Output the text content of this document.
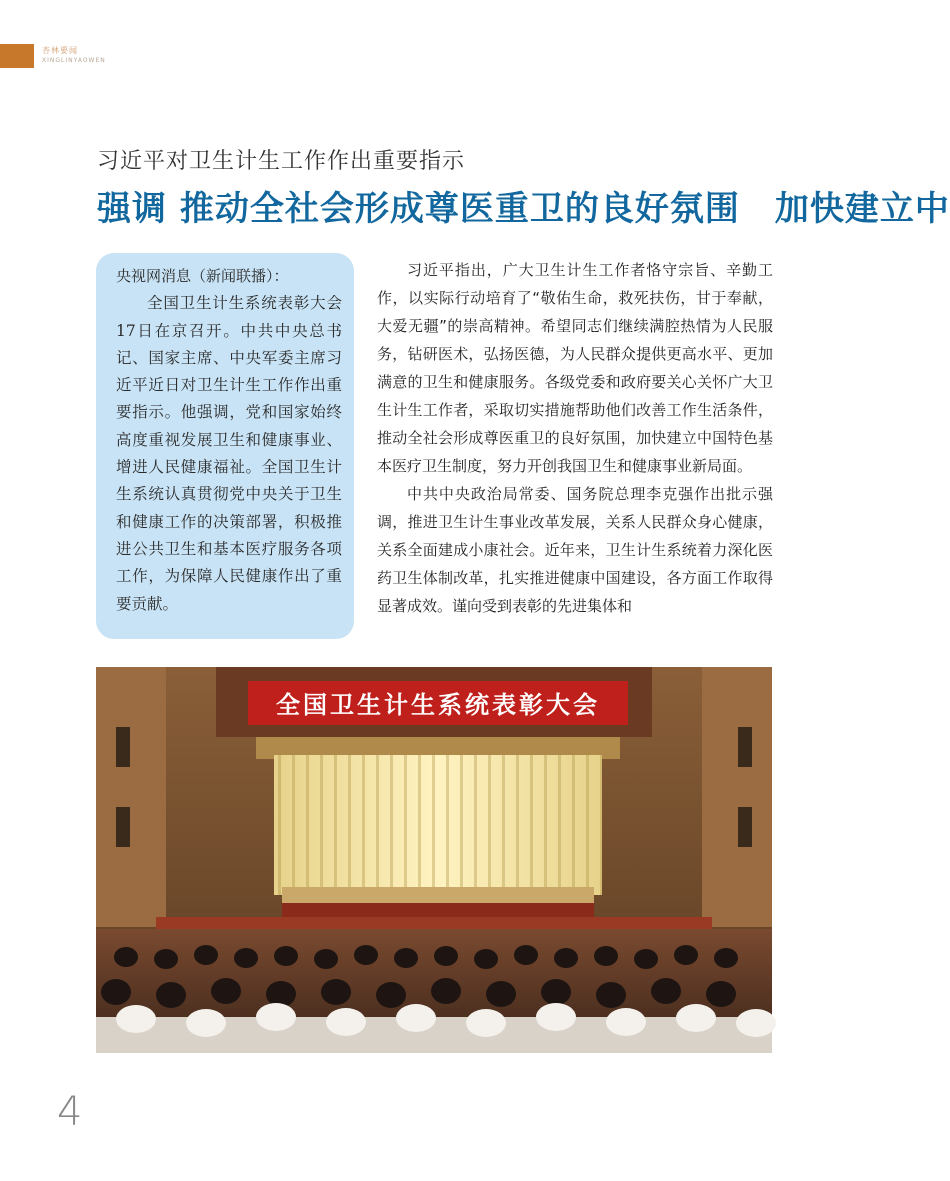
杏林要闻
XINGLINYAOWEN
习近平对卫生计生工作作出重要指示
强调 推动全社会形成尊医重卫的良好氛围　加快建立中

央视网消息（新闻联播）：

全国卫生计生系统表彰大会17日在京召开。中共中央总书记、国家主席、中央军委主席习近平近日对卫生计生工作作出重要指示。他强调，党和国家始终高度重视发展卫生和健康事业、增进人民健康福祉。全国卫生计生系统认真贯彻党中央关于卫生和健康工作的决策部署，积极推进公共卫生和基本医疗服务各项工作，为保障人民健康作出了重要贡献。

习近平指出，广大卫生计生工作者恪守宗旨、辛勤工作，以实际行动培育了“敬佑生命，救死扶伤，甘于奉献，大爱无疆”的崇高精神。希望同志们继续满腔热情为人民服务，钻研医术，弘扬医德，为人民群众提供更高水平、更加满意的卫生和健康服务。各级党委和政府要关心关怀广大卫生计生工作者，采取切实措施帮助他们改善工作生活条件，推动全社会形成尊医重卫的良好氛围，加快建立中国特色基本医疗卫生制度，努力开创我国卫生和健康事业新局面。

中共中央政治局常委、国务院总理李克强作出批示强调，推进卫生计生事业改革发展，关系人民群众身心健康，关系全面建成小康社会。近年来，卫生计生系统着力深化医药卫生体制改革，扎实推进健康中国建设，各方面工作取得显著成效。谨向受到表彰的先进集体和

全国卫生计生系统表彰大会
4
